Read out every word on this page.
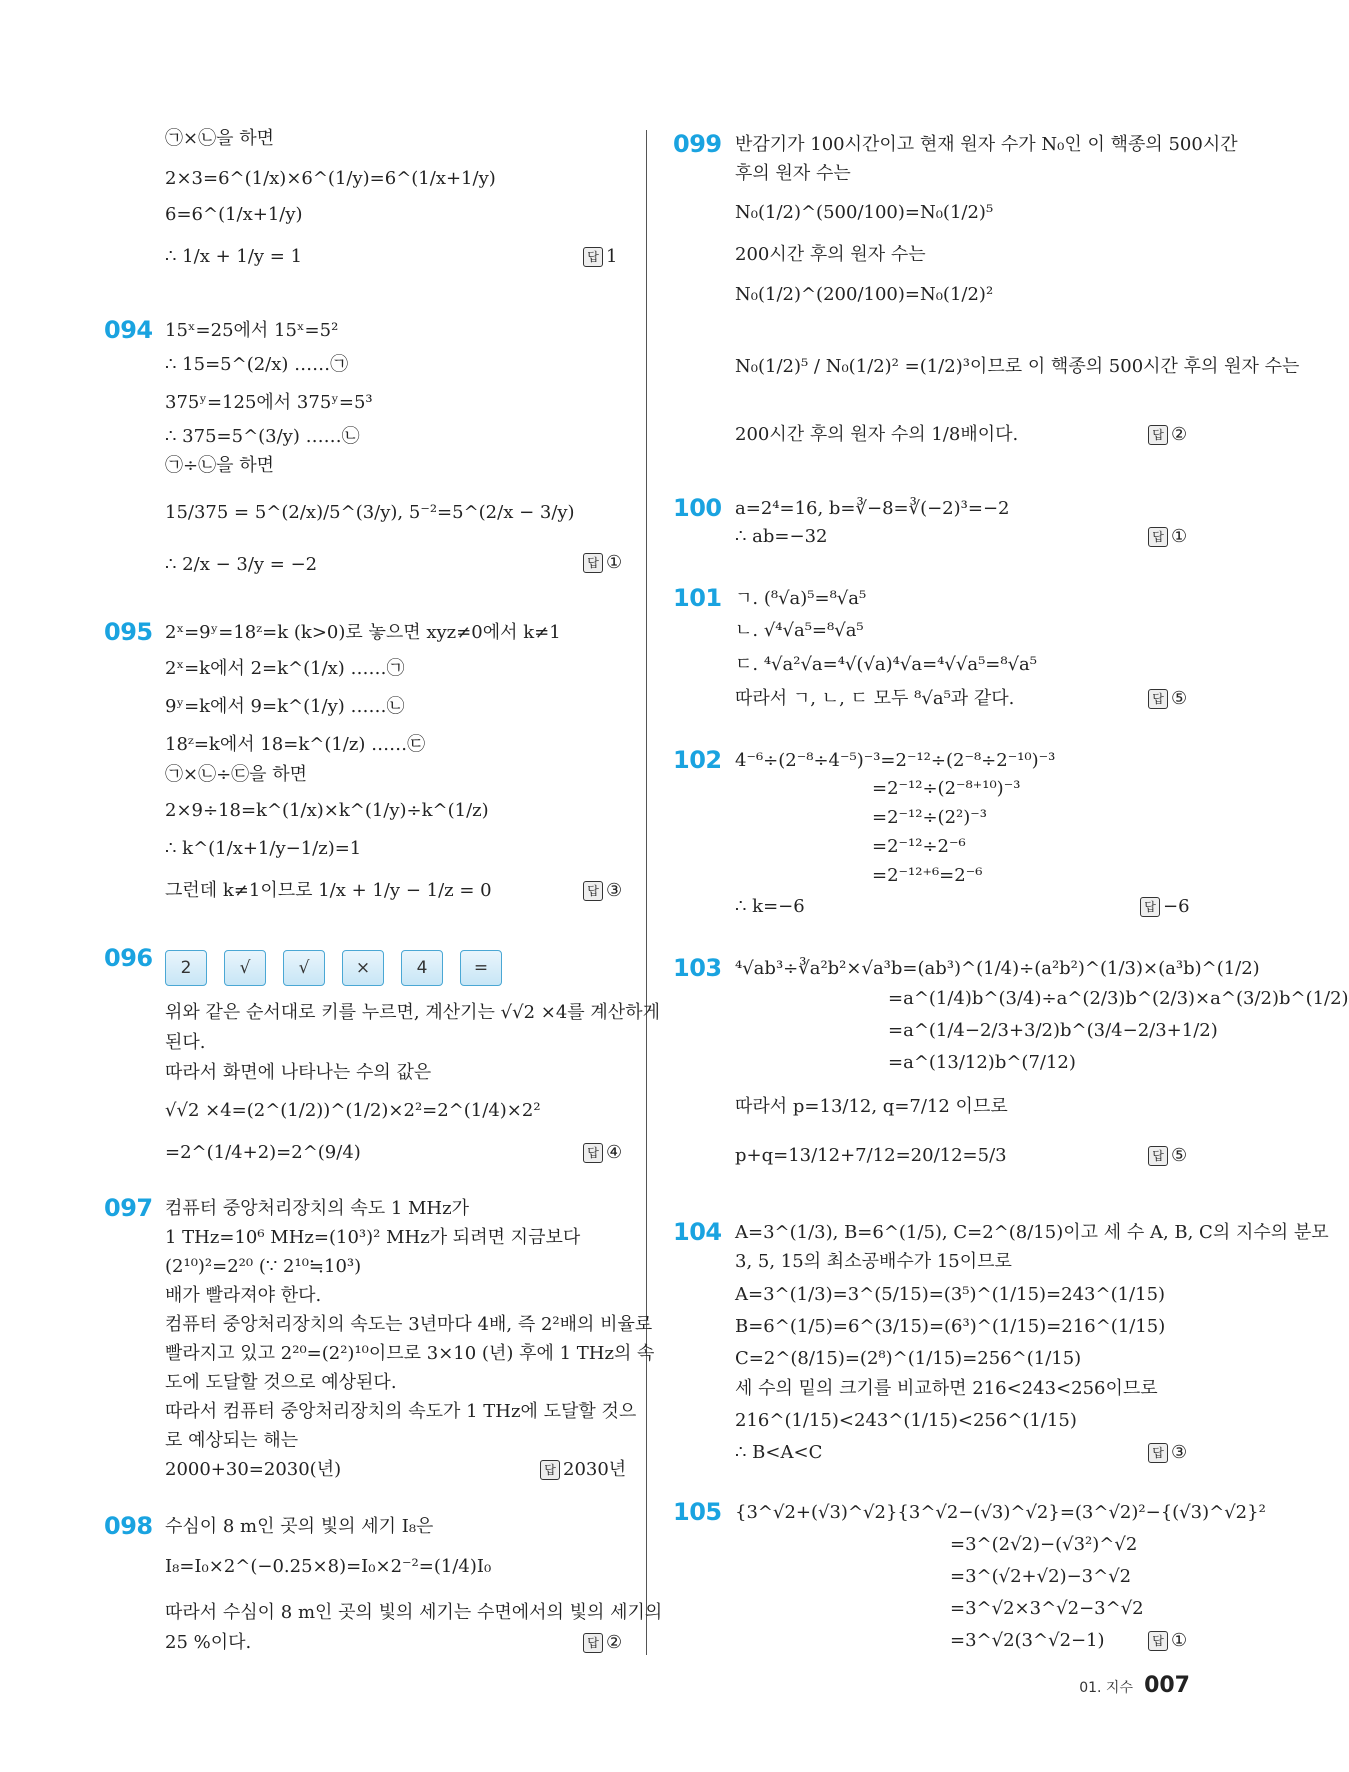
㉠×㉡을 하면
2×3=6^(1/x)×6^(1/y)=6^(1/x+1/y)
6=6^(1/x+1/y)
∴ 1/x + 1/y = 1	답 1
094 15ˣ=25에서 15ˣ=5²
∴ 15=5^(2/x) ……㉠
375ʸ=125에서 375ʸ=5³
∴ 375=5^(3/y) ……㉡
㉠÷㉡을 하면
15/375 = 5^(2/x)/5^(3/y), 5⁻²=5^(2/x − 3/y)
∴ 2/x − 3/y = −2	답 ①
095 2ˣ=9ʸ=18ᶻ=k (k>0)로 놓으면 xyz≠0에서 k≠1
2ˣ=k에서 2=k^(1/x) ……㉠
9ʸ=k에서 9=k^(1/y) ……㉡
18ᶻ=k에서 18=k^(1/z) ……㉢
㉠×㉡÷㉢을 하면
2×9÷18=k^(1/x)×k^(1/y)÷k^(1/z)
∴ k^(1/x+1/y−1/z)=1
그런데 k≠1이므로 1/x + 1/y − 1/z = 0	답 ③
096	2	√	√	×	4	=
위와 같은 순서대로 키를 누르면, 계산기는 √√2 ×4를 계산하게
된다.
따라서 화면에 나타나는 수의 값은
√√2 ×4=(2^(1/2))^(1/2)×2²=2^(1/4)×2²
=2^(1/4+2)=2^(9/4)	답 ④
097 컴퓨터 중앙처리장치의 속도 1 MHz가
1 THz=10⁶ MHz=(10³)² MHz가 되려면 지금보다
(2¹⁰)²=2²⁰ (∵ 2¹⁰≒10³)
배가 빨라져야 한다.
컴퓨터 중앙처리장치의 속도는 3년마다 4배, 즉 2²배의 비율로
빨라지고 있고 2²⁰=(2²)¹⁰이므로 3×10 (년) 후에 1 THz의 속
도에 도달할 것으로 예상된다.
따라서 컴퓨터 중앙처리장치의 속도가 1 THz에 도달할 것으
로 예상되는 해는
2000+30=2030(년)	답 2030년
098 수심이 8 m인 곳의 빛의 세기 I₈은
I₈=I₀×2^(−0.25×8)=I₀×2⁻²=(1/4)I₀
따라서 수심이 8 m인 곳의 빛의 세기는 수면에서의 빛의 세기의
25 %이다.	답 ②
099 반감기가 100시간이고 현재 원자 수가 N₀인 이 핵종의 500시간
후의 원자 수는
N₀(1/2)^(500/100)=N₀(1/2)⁵
200시간 후의 원자 수는
N₀(1/2)^(200/100)=N₀(1/2)²
N₀(1/2)⁵ / N₀(1/2)² =(1/2)³이므로 이 핵종의 500시간 후의 원자 수는
200시간 후의 원자 수의 1/8배이다.	답 ②
100 a=2⁴=16, b=∛−8=∛(−2)³=−2
∴ ab=−32	답 ①
101 ㄱ. (⁸√a)⁵=⁸√a⁵
ㄴ. √⁴√a⁵=⁸√a⁵
ㄷ. ⁴√a²√a=⁴√(√a)⁴√a=⁴√√a⁵=⁸√a⁵
따라서 ㄱ, ㄴ, ㄷ 모두 ⁸√a⁵과 같다.	답 ⑤
102 4⁻⁶÷(2⁻⁸÷4⁻⁵)⁻³=2⁻¹²÷(2⁻⁸÷2⁻¹⁰)⁻³
=2⁻¹²÷(2⁻⁸⁺¹⁰)⁻³
=2⁻¹²÷(2²)⁻³
=2⁻¹²÷2⁻⁶
=2⁻¹²⁺⁶=2⁻⁶
∴ k=−6	답 −6
103 ⁴√ab³÷∛a²b²×√a³b=(ab³)^(1/4)÷(a²b²)^(1/3)×(a³b)^(1/2)
=a^(1/4)b^(3/4)÷a^(2/3)b^(2/3)×a^(3/2)b^(1/2)
=a^(1/4−2/3+3/2)b^(3/4−2/3+1/2)
=a^(13/12)b^(7/12)
따라서 p=13/12, q=7/12 이므로
p+q=13/12+7/12=20/12=5/3	답 ⑤
104 A=3^(1/3), B=6^(1/5), C=2^(8/15)이고 세 수 A, B, C의 지수의 분모
3, 5, 15의 최소공배수가 15이므로
A=3^(1/3)=3^(5/15)=(3⁵)^(1/15)=243^(1/15)
B=6^(1/5)=6^(3/15)=(6³)^(1/15)=216^(1/15)
C=2^(8/15)=(2⁸)^(1/15)=256^(1/15)
세 수의 밑의 크기를 비교하면 216<243<256이므로
216^(1/15)<243^(1/15)<256^(1/15)
∴ B<A<C	답 ③
105 {3^√2+(√3)^√2}{3^√2−(√3)^√2}=(3^√2)²−{(√3)^√2}²
=3^(2√2)−(√3²)^√2
=3^(√2+√2)−3^√2
=3^√2×3^√2−3^√2
=3^√2(3^√2−1)	답 ①
01. 지수 007
